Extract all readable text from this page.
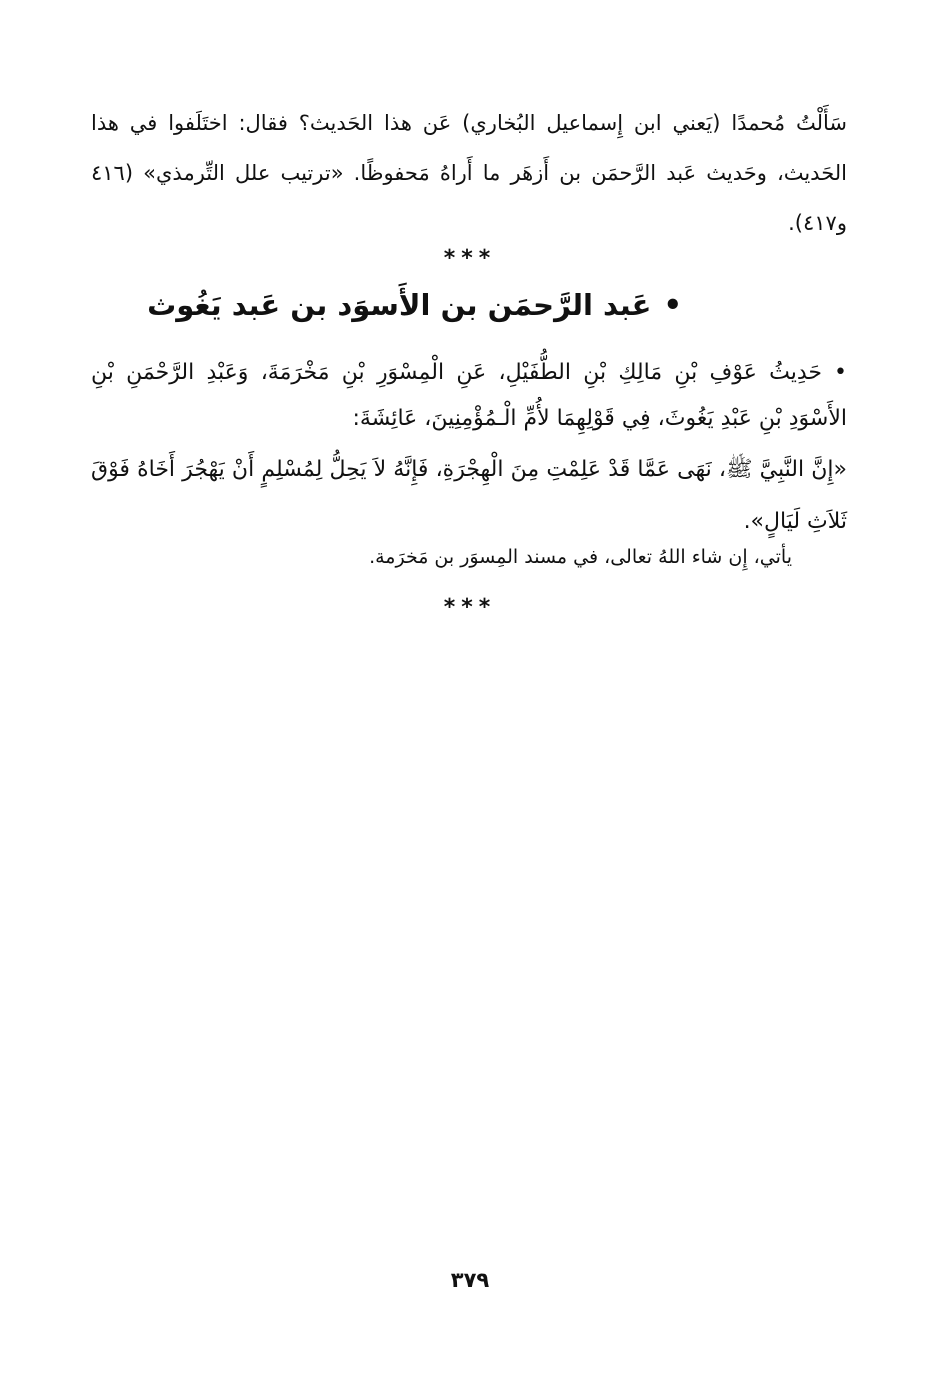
سَأَلْتُ مُحمدًا (يَعني ابن إِسماعيل البُخاري) عَن هذا الحَديث؟ فقال: اختَلَفوا في هذا الحَديث، وحَديث عَبد الرَّحمَن بن أَزهَر ما أَراهُ مَحفوظًا. «ترتيب علل التِّرمذي» (٤١٦ و٤١٧).

***
•عَبد الرَّحمَن بن الأَسوَد بن عَبد يَغُوث

•حَدِيثُ عَوْفِ بْنِ مَالِكِ بْنِ الطُّفَيْلِ، عَنِ الْمِسْوَرِ بْنِ مَخْرَمَةَ، وَعَبْدِ الرَّحْمَنِ بْنِ الأَسْوَدِ بْنِ عَبْدِ يَغُوثَ، فِي قَوْلِهِمَا لأُمِّ الْـمُؤْمِنِينَ، عَائِشَةَ:

«إِنَّ النَّبِيَّ ﷺ، نَهَى عَمَّا قَدْ عَلِمْتِ مِنَ الْهِجْرَةِ، فَإِنَّهُ لاَ يَحِلُّ لِمُسْلِمٍ أَنْ يَهْجُرَ أَخَاهُ فَوْقَ ثَلاَثِ لَيَالٍ».

يأتي، إِن شاء اللهُ تعالى، في مسند المِسوَر بن مَخرَمة.
***
٣٧٩
